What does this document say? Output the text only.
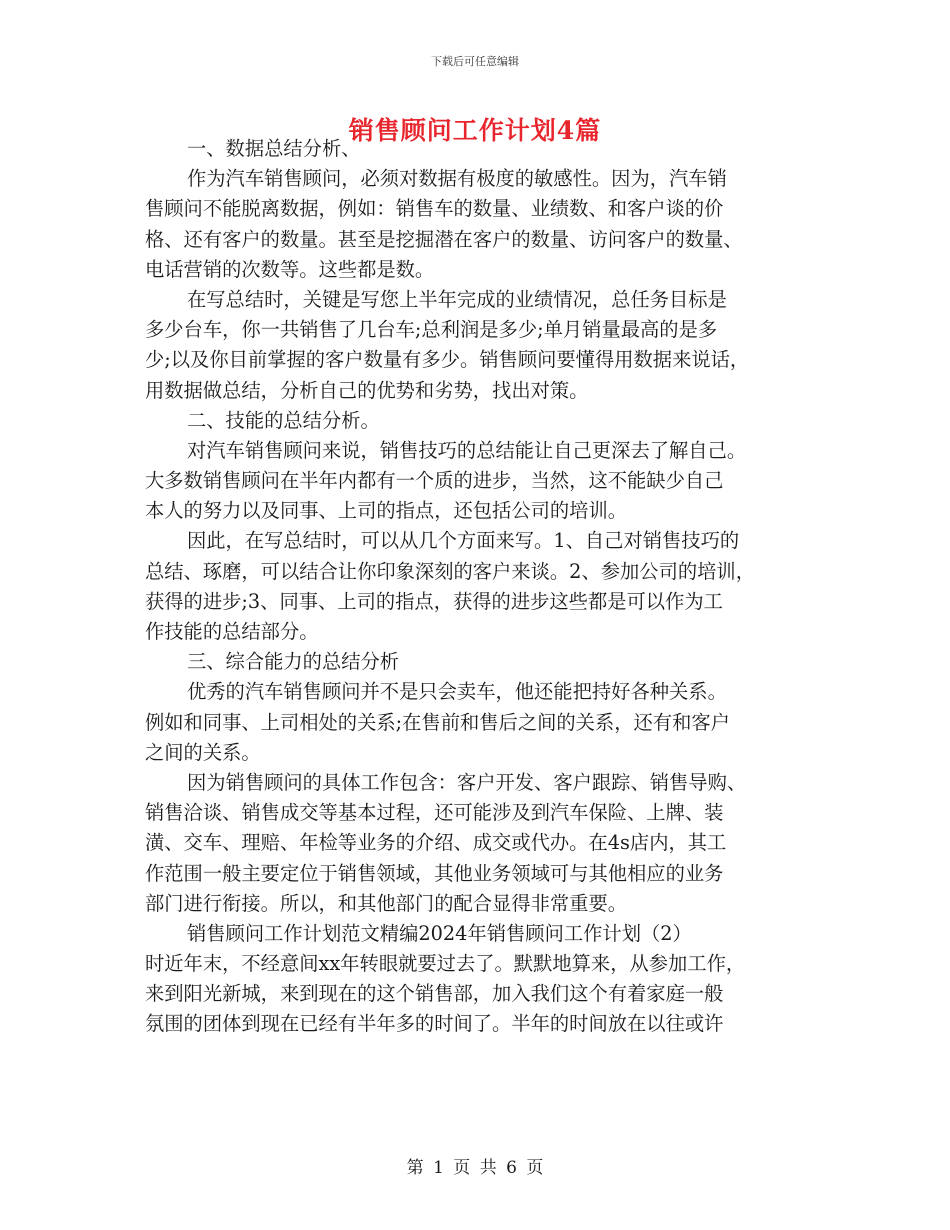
下载后可任意编辑
销售顾问工作计划4篇
一、数据总结分析、
作为汽车销售顾问，必须对数据有极度的敏感性。因为，汽车销
售顾问不能脱离数据，例如：销售车的数量、业绩数、和客户谈的价
格、还有客户的数量。甚至是挖掘潜在客户的数量、访问客户的数量、
电话营销的次数等。这些都是数。
在写总结时，关键是写您上半年完成的业绩情况，总任务目标是
多少台车，你一共销售了几台车;总利润是多少;单月销量最高的是多
少;以及你目前掌握的客户数量有多少。销售顾问要懂得用数据来说话，
用数据做总结，分析自己的优势和劣势，找出对策。
二、技能的总结分析。
对汽车销售顾问来说，销售技巧的总结能让自己更深去了解自己。
大多数销售顾问在半年内都有一个质的进步，当然，这不能缺少自己
本人的努力以及同事、上司的指点，还包括公司的培训。
因此，在写总结时，可以从几个方面来写。1、自己对销售技巧的
总结、琢磨，可以结合让你印象深刻的客户来谈。2、参加公司的培训，
获得的进步;3、同事、上司的指点，获得的进步这些都是可以作为工
作技能的总结部分。
三、综合能力的总结分析
优秀的汽车销售顾问并不是只会卖车，他还能把持好各种关系。
例如和同事、上司相处的关系;在售前和售后之间的关系，还有和客户
之间的关系。
因为销售顾问的具体工作包含：客户开发、客户跟踪、销售导购、
销售洽谈、销售成交等基本过程，还可能涉及到汽车保险、上牌、装
潢、交车、理赔、年检等业务的介绍、成交或代办。在4s店内，其工
作范围一般主要定位于销售领域，其他业务领域可与其他相应的业务
部门进行衔接。所以，和其他部门的配合显得非常重要。
销售顾问工作计划范文精编2024年销售顾问工作计划（2）
时近年末，不经意间xx年转眼就要过去了。默默地算来，从参加工作，
来到阳光新城，来到现在的这个销售部，加入我们这个有着家庭一般
氛围的团体到现在已经有半年多的时间了。半年的时间放在以往或许
第 1 页 共 6 页
